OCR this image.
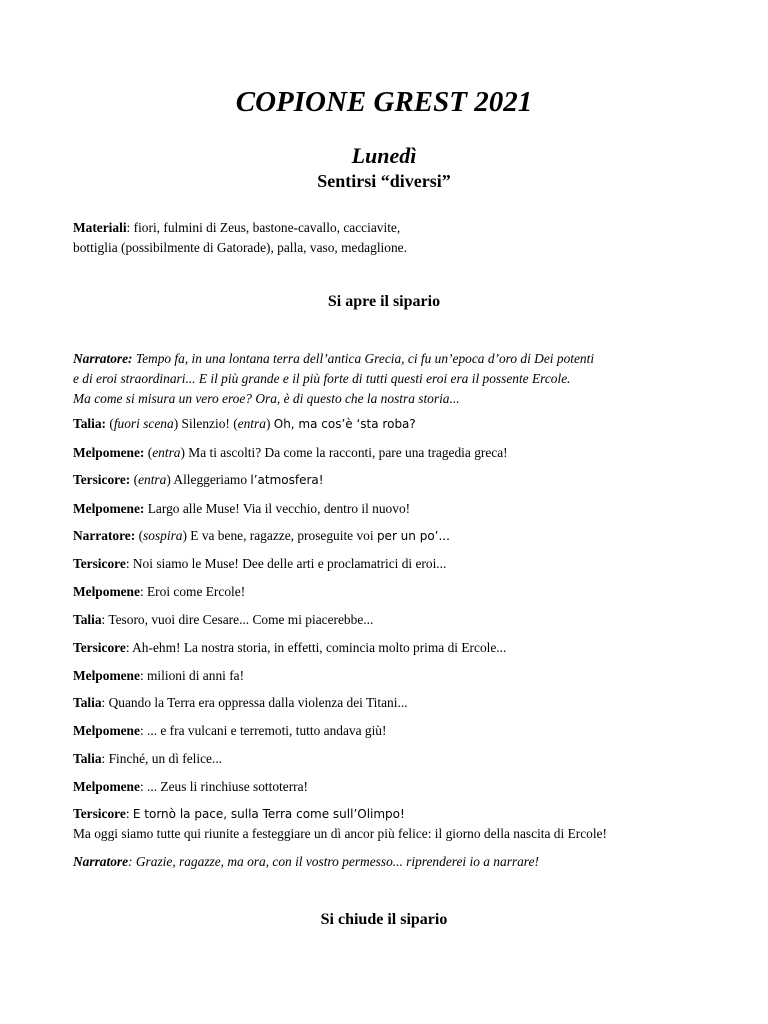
COPIONE GREST 2021
Lunedì
Sentirsi “diversi”

Materiali: fiori, fulmini di Zeus, bastone-cavallo, cacciavite,
bottiglia (possibilmente di Gatorade), palla, vaso, medaglione.

Si apre il sipario

Narratore: Tempo fa, in una lontana terra dell’antica Grecia, ci fu un’epoca d’oro di Dei potenti
e di eroi straordinari... E il più grande e il più forte di tutti questi eroi era il possente Ercole.
Ma come si misura un vero eroe? Ora, è di questo che la nostra storia...

Talia: (fuori scena) Silenzio! (entra) Oh, ma cos’è ‘sta roba?

Melpomene: (entra) Ma ti ascolti? Da come la racconti, pare una tragedia greca!

Tersicore: (entra) Alleggeriamo l’atmosfera!

Melpomene: Largo alle Muse! Via il vecchio, dentro il nuovo!

Narratore: (sospira) E va bene, ragazze, proseguite voi per un po’...

Tersicore: Noi siamo le Muse! Dee delle arti e proclamatrici di eroi...

Melpomene: Eroi come Ercole!

Talia: Tesoro, vuoi dire Cesare... Come mi piacerebbe...

Tersicore: Ah-ehm! La nostra storia, in effetti, comincia molto prima di Ercole...

Melpomene: milioni di anni fa!

Talia: Quando la Terra era oppressa dalla violenza dei Titani...

Melpomene: ... e fra vulcani e terremoti, tutto andava giù!

Talia: Finché, un dì felice...

Melpomene: ... Zeus li rinchiuse sottoterra!

Tersicore: E tornò la pace, sulla Terra come sull’Olimpo!
Ma oggi siamo tutte qui riunite a festeggiare un dì ancor più felice: il giorno della nascita di Ercole!

Narratore: Grazie, ragazze, ma ora, con il vostro permesso... riprenderei io a narrare!

Si chiude il sipario
